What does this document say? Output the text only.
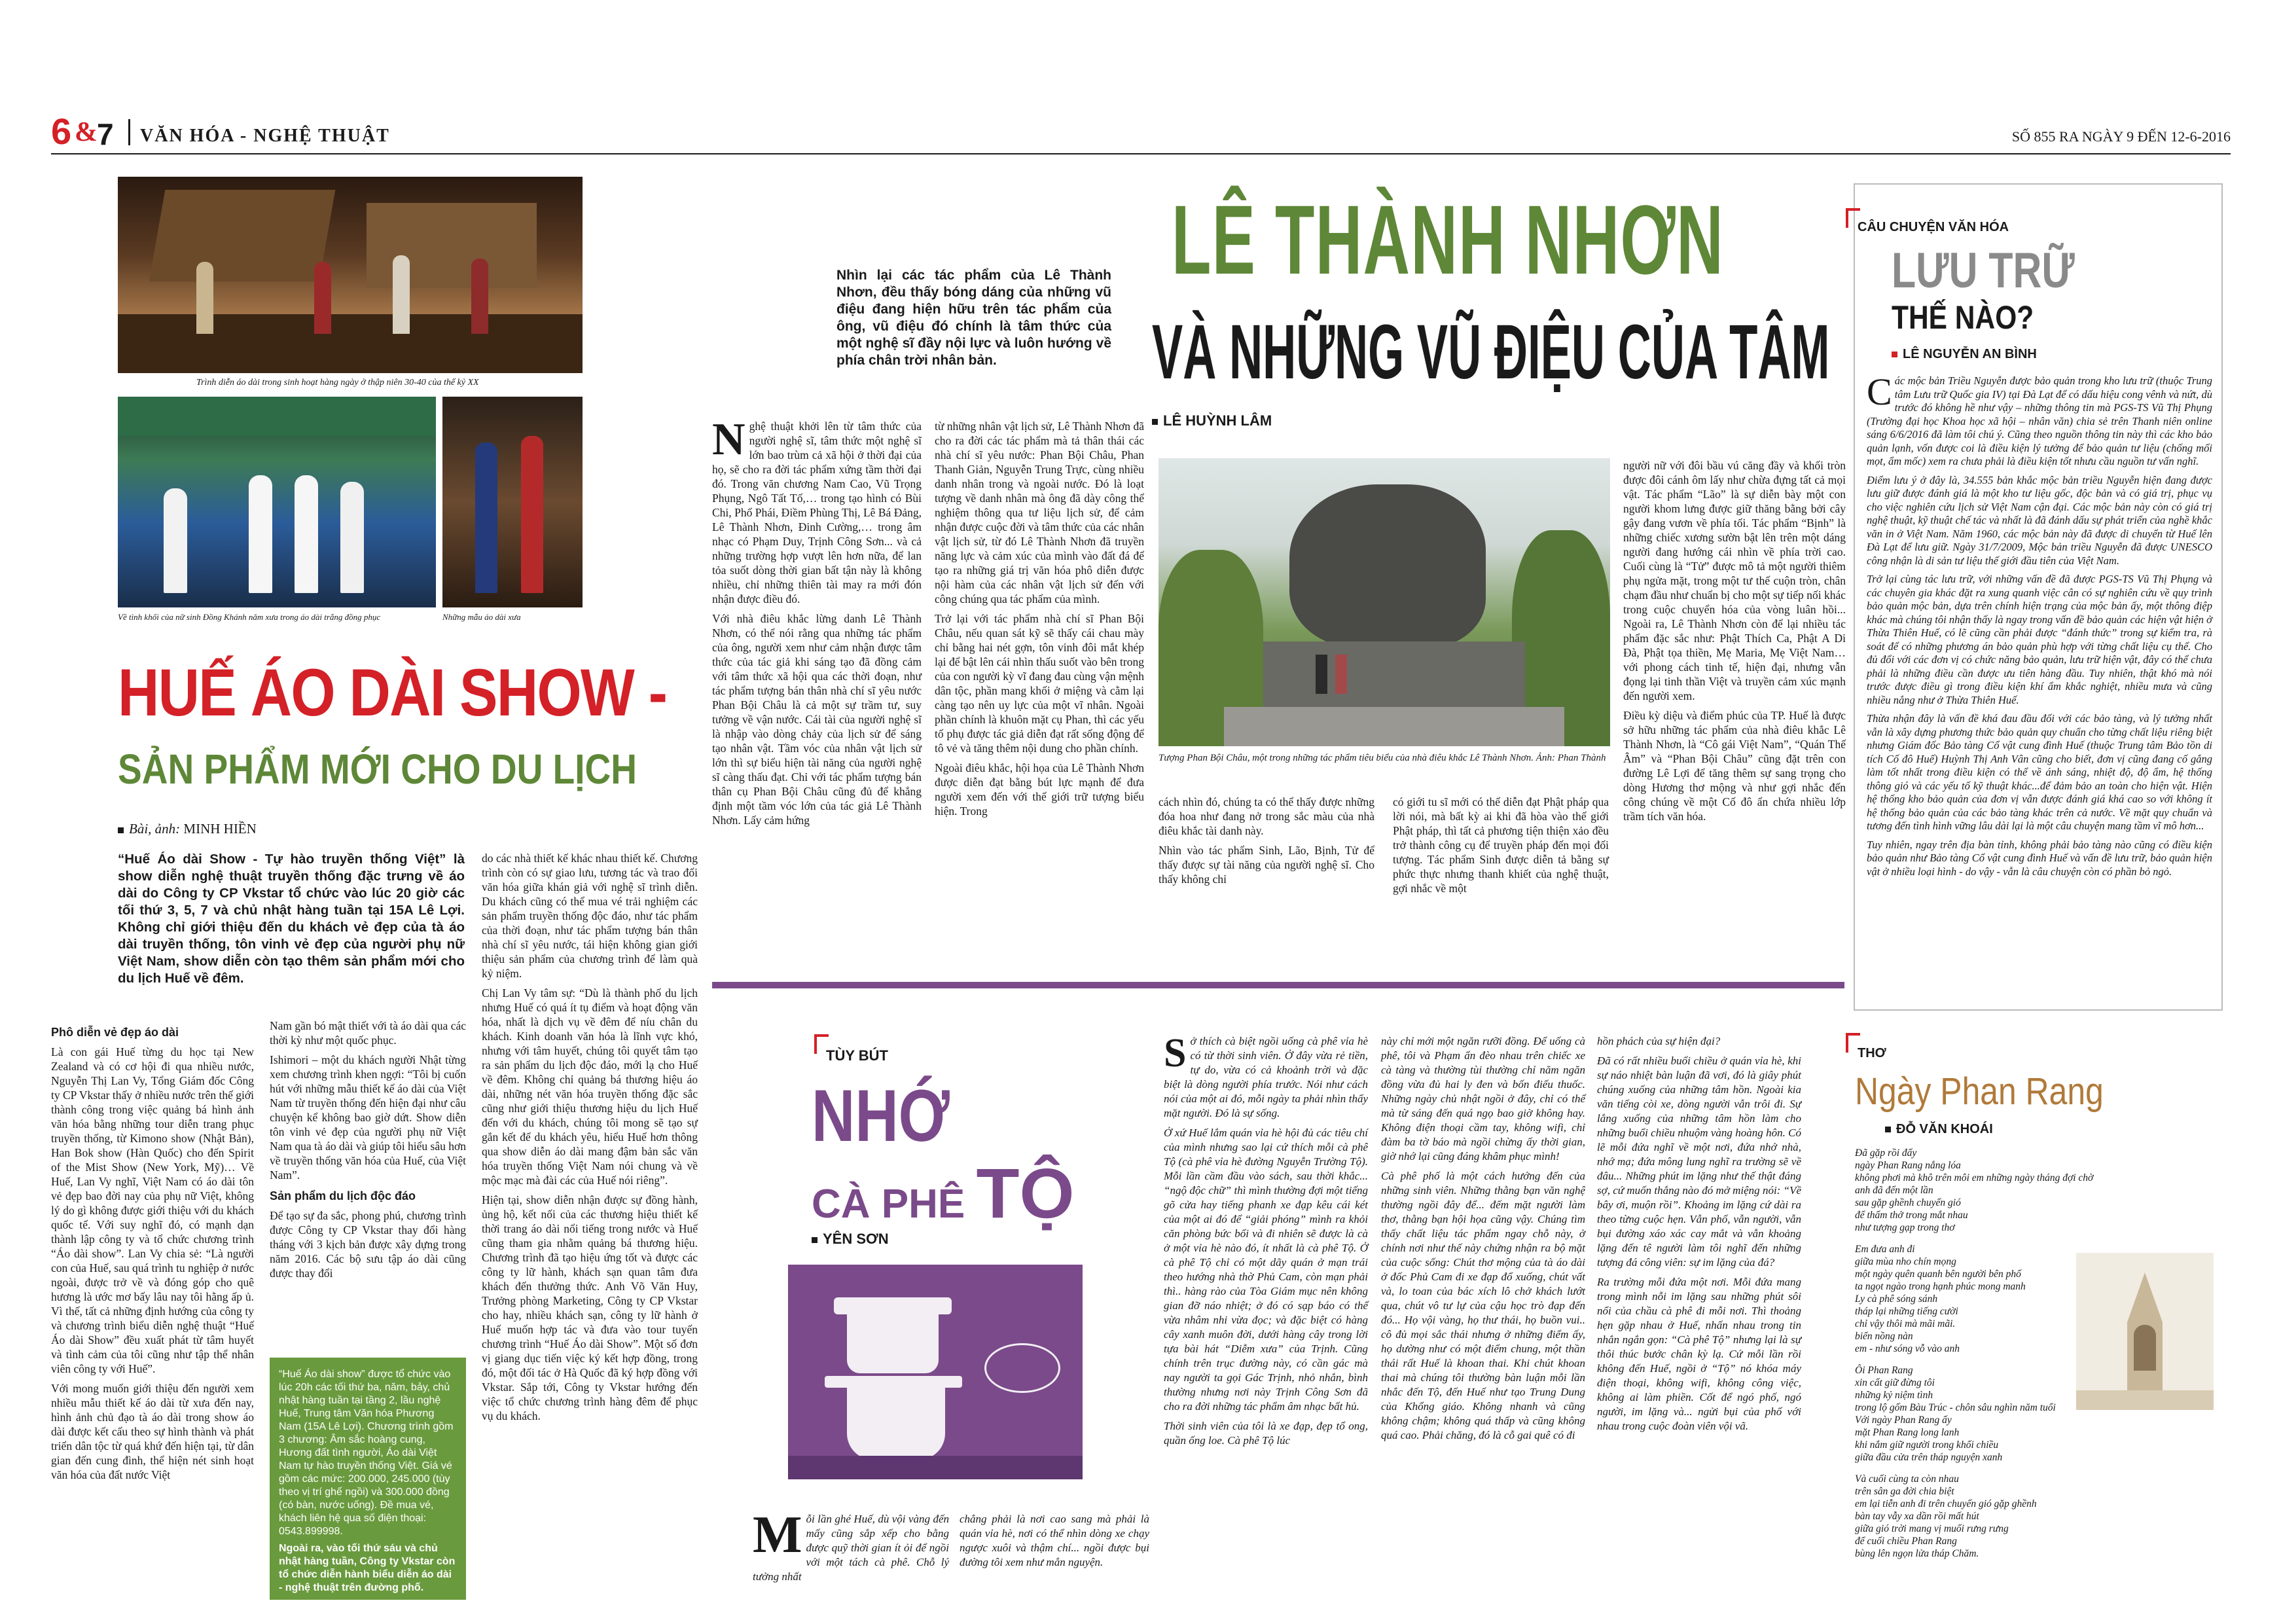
6 & 7 VĂN HÓA - NGHỆ THUẬT	SỐ 855 RA NGÀY 9 ĐẾN 12-6-2016
Trình diễn áo dài trong sinh hoạt hàng ngày ở thập niên 30-40 của thế kỷ XX
Về tình khối của nữ sinh Đồng Khánh năm xưa trong áo dài trắng đồng phục	Những mẫu áo dài xưa
HUẾ ÁO DÀI SHOW -
SẢN PHẨM MỚI CHO DU LỊCH
Bài, ảnh: MINH HIỀN
“Huế Áo dài Show - Tự hào truyền thống Việt” là show diễn nghệ thuật truyền thống đặc trưng về áo dài do Công ty CP Vkstar tổ chức vào lúc 20 giờ các tối thứ 3, 5, 7 và chủ nhật hàng tuần tại 15A Lê Lợi. Không chỉ giới thiệu đến du khách vẻ đẹp của tà áo dài truyền thống, tôn vinh vẻ đẹp của người phụ nữ Việt Nam, show diễn còn tạo thêm sản phẩm mới cho du lịch Huế về đêm.
Phô diễn vẻ đẹp áo dài

Là con gái Huế từng du học tại New Zealand và có cơ hội đi qua nhiều nước, Nguyễn Thị Lan Vy, Tổng Giám đốc Công ty CP Vkstar thấy ở nhiều nước trên thế giới thành công trong việc quảng bá hình ảnh văn hóa bằng những tour diễn trang phục truyền thống, từ Kimono show (Nhật Bản), Han Bok show (Hàn Quốc) cho đến Spirit of the Mist Show (New York, Mỹ)… Về Huế, Lan Vy nghĩ, Việt Nam có áo dài tôn vẻ đẹp bao đời nay của phụ nữ Việt, không lý do gì không được giới thiệu với du khách quốc tế. Với suy nghĩ đó, có mạnh dạn thành lập công ty và tổ chức chương trình “Áo dài show”. Lan Vy chia sẻ: “Là người con của Huế, sau quá trình tu nghiệp ở nước ngoài, được trở về và đóng góp cho quê hương là ước mơ bấy lâu nay tôi hằng ấp ủ. Vì thế, tất cả những định hướng của công ty và chương trình biểu diễn nghệ thuật “Huế Áo dài Show” đều xuất phát từ tâm huyết và tình cảm của tôi cũng như tập thể nhân viên công ty với Huế”.

Với mong muốn giới thiệu đến người xem nhiều mẫu thiết kế áo dài từ xưa đến nay, hình ảnh chủ đạo tà áo dài trong show áo dài được kết cấu theo sự hình thành và phát triển dân tộc từ quá khứ đến hiện tại, từ dân gian đến cung đình, thể hiện nét sinh hoạt văn hóa của đất nước Việt

Nam gần bó mật thiết với tà áo dài qua các thời kỳ như một quốc phục.

Ishimori – một du khách người Nhật từng xem chương trình khen ngợi: “Tôi bị cuốn hút với những mẫu thiết kế áo dài của Việt Nam từ truyền thống đến hiện đại như câu chuyện kể không bao giờ dứt. Show diễn tôn vinh vẻ đẹp của người phụ nữ Việt Nam qua tà áo dài và giúp tôi hiểu sâu hơn về truyền thống văn hóa của Huế, của Việt Nam”.

Sản phẩm du lịch độc đáo

Để tạo sự đa sắc, phong phú, chương trình được Công ty CP Vkstar thay đổi hàng tháng với 3 kịch bản được xây dựng trong năm 2016. Các bộ sưu tập áo dài cũng được thay đổi

“Huế Áo dài show” được tổ chức vào lúc 20h các tối thứ ba, năm, bảy, chủ nhật hàng tuần tại tầng 2, lầu nghệ Huế, Trung tâm Văn hóa Phương Nam (15A Lê Lợi). Chương trình gồm 3 chương: Âm sắc hoàng cung, Hương đất tình người, Áo dài Việt Nam tự hào truyền thống Việt. Giá vé gồm các mức: 200.000, 245.000 (tùy theo vị trí ghế ngồi) và 300.000 đồng (có bàn, nước uống). Đề mua vé, khách liên hệ qua số điện thoại: 0543.899998.
Ngoài ra, vào tối thứ sáu và chủ nhật hàng tuần, Công ty Vkstar còn tổ chức diễn hành biểu diễn áo dài - nghệ thuật trên đường phố.

do các nhà thiết kế khác nhau thiết kế. Chương trình còn có sự giao lưu, tương tác và trao đổi văn hóa giữa khán giả với nghệ sĩ trình diễn. Du khách cũng có thể mua vé trải nghiệm các sản phẩm truyền thống độc đáo, như tác phẩm của thời đoạn, như tác phẩm tượng bán thân nhà chí sĩ yêu nước, tái hiện không gian giới thiệu sản phẩm của chương trình để làm quà kỷ niệm.

Chị Lan Vy tâm sự: “Dù là thành phố du lịch nhưng Huế có quá ít tụ điểm và hoạt động văn hóa, nhất là dịch vụ về đêm để níu chân du khách. Kinh doanh văn hóa là lĩnh vực khó, nhưng với tâm huyết, chúng tôi quyết tâm tạo ra sản phẩm du lịch độc đáo, mới lạ cho Huế về đêm. Không chỉ quảng bá thương hiệu áo dài, những nét văn hóa truyền thống đặc sắc cũng như giới thiệu thương hiệu du lịch Huế đến với du khách, chúng tôi mong sẽ tạo sự gắn kết để du khách yêu, hiểu Huế hơn thông qua show diễn áo dài mang đậm bản sắc văn hóa truyền thống Việt Nam nói chung và về mộc mạc mà đài các của Huế nói riêng”.

Hiện tại, show diễn nhận được sự đồng hành, ủng hộ, kết nối của các thương hiệu thiết kế thời trang áo dài nổi tiếng trong nước và Huế cũng tham gia nhằm quảng bá thương hiệu. Chương trình đã tạo hiệu ứng tốt và được các công ty lữ hành, khách sạn quan tâm đưa khách đến thưởng thức. Anh Võ Văn Huy, Trưởng phòng Marketing, Công ty CP Vkstar cho hay, nhiều khách sạn, công ty lữ hành ở Huế muốn hợp tác và đưa vào tour tuyến chương trình “Huế Áo dài Show”. Một số đơn vị giang dục tiến việc ký kết hợp đồng, trong đó, một đối tác ở Hà Quốc đã ký hợp đồng với Vkstar. Sắp tới, Công ty Vkstar hướng đến việc tổ chức chương trình hàng đêm để phục vụ du khách.

Nhìn lại các tác phẩm của Lê Thành Nhơn, đều thấy bóng dáng của những vũ điệu đang hiện hữu trên tác phẩm của ông, vũ điệu đó chính là tâm thức của một nghệ sĩ đầy nội lực và luôn hướng về phía chân trời nhân bản.
LÊ THÀNH NHƠN
VÀ NHỮNG VŨ ĐIỆU CỦA TÂM
LÊ HUỲNH LÂM

Nghệ thuật khởi lên từ tâm thức của người nghệ sĩ, tâm thức một nghệ sĩ lớn bao trùm cả xã hội ở thời đại của họ, sẽ cho ra đời tác phẩm xứng tầm thời đại đó. Trong văn chương Nam Cao, Vũ Trọng Phụng, Ngô Tất Tố,… trong tạo hình có Bùi Chi, Phố Phái, Điềm Phùng Thị, Lê Bá Đảng, Lê Thành Nhơn, Đinh Cường,… trong âm nhạc có Phạm Duy, Trịnh Công Sơn... và cả những trường hợp vượt lên hơn nữa, để lan tỏa suốt dòng thời gian bất tận này là không nhiều, chỉ những thiên tài may ra mới đón nhận được điều đó.

Với nhà điêu khắc lừng danh Lê Thành Nhơn, có thể nói rằng qua những tác phẩm của ông, người xem như cảm nhận được tâm thức của tác giả khi sáng tạo đã đồng cảm với tâm thức xã hội qua các thời đoạn, như tác phẩm tượng bán thân nhà chí sĩ yêu nước Phan Bội Châu là cả một sự trầm tư, suy tưởng về vận nước. Cái tài của người nghệ sĩ là nhập vào dòng chảy của lịch sử để sáng tạo nhân vật. Tầm vóc của nhân vật lịch sử lớn thì sự biểu hiện tài năng của người nghệ sĩ càng thấu đạt. Chỉ với tác phẩm tượng bán thân cụ Phan Bội Châu cũng đủ để khẳng định một tầm vóc lớn của tác giả Lê Thành Nhơn. Lấy cảm hứng

từ những nhân vật lịch sử, Lê Thành Nhơn đã cho ra đời các tác phẩm mà tả thân thái các nhà chí sĩ yêu nước: Phan Bội Châu, Phan Thanh Giản, Nguyễn Trung Trực, cùng nhiều danh nhân trong và ngoài nước. Đó là loạt tượng về danh nhân mà ông đã dày công thể nghiệm thông qua tư liệu lịch sử, để cảm nhận được cuộc đời và tâm thức của các nhân vật lịch sử, từ đó Lê Thành Nhơn đã truyền năng lực và cảm xúc của mình vào đất đá để tạo ra những giá trị văn hóa phô diễn được nội hàm của các nhân vật lịch sử đến với công chúng qua tác phẩm của mình.

Trở lại với tác phẩm nhà chí sĩ Phan Bội Châu, nếu quan sát kỹ sẽ thấy cái chau mày chỉ bằng hai nét gợn, tôn vinh đôi mắt khép lại để bật lên cái nhìn thấu suốt vào bên trong của con người kỳ vĩ đang đau cùng vận mệnh dân tộc, phần mang khối ở miệng và cằm lại càng tạo nên uy lực của một vĩ nhân. Ngoài phần chính là khuôn mặt cụ Phan, thì các yếu tố phụ được tác giả diễn đạt rất sống động để tô vẻ và tăng thêm nội dung cho phần chính.

Ngoài điêu khắc, hội họa của Lê Thành Nhơn được diễn đạt bằng bút lực mạnh để đưa người xem đến với thế giới trữ tượng biểu hiện. Trong

Tượng Phan Bội Châu, một trong những tác phẩm tiêu biểu của nhà điêu khắc Lê Thành Nhơn. Ảnh: Phan Thành

cách nhìn đó, chúng ta có thể thấy được những đóa hoa như đang nở trong sắc màu của nhà điêu khắc tài danh này.

Nhìn vào tác phẩm Sinh, Lão, Bịnh, Tử để thấy được sự tài năng của người nghệ sĩ. Cho thấy không chỉ

có giới tu sĩ mới có thể diễn đạt Phật pháp qua lời nói, mà bất kỳ ai khi đã hòa vào thế giới Phật pháp, thì tất cả phương tiện thiện xảo đều trở thành công cụ để truyền pháp đến mọi đối tượng. Tác phẩm Sinh được diễn tả bằng sự phức thực nhưng thanh khiết của nghệ thuật, gợi nhắc về một

người nữ với đôi bầu vú căng đầy và khối tròn được đôi cánh ôm lấy như chừa đựng tất cả mọi vật. Tác phẩm “Lão” là sự diễn bày một con người khom lưng được giữ thăng bằng bởi cây gậy đang vươn về phía tối. Tác phẩm “Bịnh” là những chiếc xương sườn bật lên trên một dáng người đang hướng cái nhìn về phía trời cao. Cuối cùng là “Tử” được mô tả một người thiêm phụ ngửa mặt, trong một tư thế cuộn tròn, chân chạm đầu như chuẩn bị cho một sự tiếp nối khác trong cuộc chuyển hóa của vòng luân hồi... Ngoài ra, Lê Thành Nhơn còn để lại nhiều tác phẩm đặc sắc như: Phật Thích Ca, Phật A Di Đà, Phật tọa thiền, Mẹ Maria, Mẹ Việt Nam… với phong cách tinh tế, hiện đại, nhưng vẫn đọng lại tinh thần Việt và truyền cảm xúc mạnh đến người xem.

Điều kỳ diệu và điểm phúc của TP. Huế là được sở hữu những tác phẩm của nhà điêu khắc Lê Thành Nhơn, là “Cô gái Việt Nam”, “Quán Thế Âm” và “Phan Bội Châu” cũng đặt trên con đường Lê Lợi để tăng thêm sự sang trọng cho dòng Hương thơ mộng và như gợi nhắc đến công chúng về một Cố đô ẩn chứa nhiều lớp trầm tích văn hóa.

TÙY BÚT
NHỚ
CÀ PHÊ TỘ
YÊN SƠN

Mỗi lần ghé Huế, dù vội vàng đến mấy cũng sắp xếp cho bằng được quỹ thời gian ít ỏi để ngồi với một tách cà phê. Chỗ lý tưởng nhất

chẳng phải là nơi cao sang mà phải là quán vỉa hè, nơi có thể nhìn dòng xe chạy ngược xuôi và thậm chí... ngồi được bụi đường tôi xem như mắn nguyện.

Sở thích cà biệt ngồi uống cà phê vỉa hè có từ thời sinh viên. Ở đây vừa rẻ tiền, tự do, vừa có cả khoảnh trời và đặc biệt là dòng người phía trước. Nói như cách nói của một ai đó, mỗi ngày ta phải nhìn thấy mặt người. Đó là sự sống.

Ở xứ Huế lắm quán vỉa hè hội đủ các tiêu chí của mình nhưng sao lại cứ thích mỗi cà phê Tộ (cà phê vỉa hè đường Nguyễn Trường Tộ). Mỗi lần cầm đầu vào sách, sau thời khắc... “ngộ độc chữ” thì mình thường đợi một tiếng gõ cửa hay tiếng phanh xe đạp kêu cái két của một ai đó để “giải phóng” mình ra khỏi căn phòng bức bối và đi nhiên sẽ được là cà ở một vỉa hè nào đó, ít nhất là cà phê Tộ. Ở cà phê Tộ chỉ có một dãy quán ở mạn trái theo hướng nhà thờ Phủ Cam, còn mạn phải thì.. hàng rào của Tòa Giám mục nên không gian đỡ náo nhiệt; ở đó có sạp báo có thể vừa nhâm nhi vừa đọc; và đặc biệt có hàng cây xanh muôn đời, dưới hàng cây trong lời tựa bài hát “Diễm xưa” của Trịnh. Cũng chính trên trục đường này, có cần gác mà nay người ta gọi Gác Trịnh, nhỏ nhắn, bình thường nhưng nơi này Trịnh Công Sơn đã cho ra đời những tác phẩm âm nhạc bất hủ.

Thời sinh viên của tôi là xe đạp, đẹp tổ ong, quần ống loe. Cà phê Tộ lúc

này chỉ mới một ngăn rưỡi đồng. Để uống cà phê, tôi và Phạm ẩn đèo nhau trên chiếc xe cà tàng và thường tùi thường chỉ năm ngăn đồng vừa đủ hai ly đen và bốn điếu thuốc. Những ngày chủ nhật ngồi ở đây, chỉ có thể mà từ sáng đến quá ngọ bao giờ không hay. Không điện thoại cầm tay, không wifi, chỉ đàm ba tờ báo mà ngồi chừng ấy thời gian, giờ nhớ lại cũng đáng khâm phục mình!

Cà phê phố là một cách hướng đến của những sinh viên. Những thằng bạn văn nghệ thường ngồi đây để... đếm mặt người làm thơ, thằng bạn hội họa cũng vậy. Chúng tìm thấy chất liệu tác phẩm ngay chỗ này, ở chính nơi như thế này chứng nhận ra bộ mặt của cuộc sống: Chút thơ mộng của tà áo dài ở đốc Phủ Cam đi xe đạp đổ xuống, chút vất và, lo toan của bác xích lô chở khách lướt qua, chút vô tư lự của cậu học trò đạp đến đó... Họ vội vàng, họ thư thái, họ buồn vui.. cô đủ mọi sắc thái nhưng ở những điểm ấy, họ dường như có một điểm chung, một thần thái rất Huế là khoan thai. Khi chút khoan thai mà chúng tôi thường bàn luận mỗi lần nhắc đến Tộ, đến Huế như tạo Trung Dung của Khổng giáo. Không nhanh và cũng không chậm; không quá thấp và cũng không quá cao. Phải chăng, đó là cỗ gai quê có đi

hồn phách của sự hiện đại?

Đã có rất nhiều buổi chiều ở quán vỉa hè, khi sự náo nhiệt bàn luận đã vơi, đó là giây phút chúng xuống của những tâm hồn. Ngoài kia văn tiếng còi xe, dòng người vẫn trôi đi. Sự lắng xuống của những tâm hồn làm cho những buổi chiều nhuộm vàng hoàng hôn. Có lẽ mỗi đứa nghĩ về một nơi, đứa nhớ nhà, nhớ mạ; đứa mông lung nghĩ ra trường sẽ về đâu... Những phút im lặng như thế thật đáng sợ, cứ muốn thắng nào đó mở miệng nói: “Về bây ơi, muộn rồi”. Khoảng im lặng cứ dài ra theo từng cuộc hẹn. Vẫn phố, vẫn người, vẫn bụi đường xáo xác cay mắt và vẫn khoảng lặng đến tê người làm tôi nghĩ đến những tượng đá công viên: sự im lặng của đá?

Ra trường mỗi đứa một nơi. Mỗi đứa mang trong mình nỗi im lặng sau những phút sôi nổi của chầu cà phê đi mỗi nơi. Thì thoảng hẹn gặp nhau ở Huế, nhấn nhau trong tin nhắn ngắn gọn: “Cà phê Tộ” nhưng lại là sự thôi thúc bước chân kỳ lạ. Cứ mỗi lần rồi không đến Huế, ngồi ở “Tộ” nó khóa máy điện thoại, không wifi, không công việc, không ai làm phiền. Cốt để ngó phố, ngó người, im lặng và... ngửi bụi của phố với nhau trong cuộc đoàn viên vội vã.

CÂU CHUYỆN VĂN HÓA
LƯU TRỮ
THẾ NÀO?
LÊ NGUYỄN AN BÌNH

Các mộc bản Triều Nguyễn được bảo quản trong kho lưu trữ (thuộc Trung tâm Lưu trữ Quốc gia IV) tại Đà Lạt để có dấu hiệu cong vênh và nứt, dù trước đó không hề như vậy – những thông tin mà PGS-TS Vũ Thị Phụng (Trường đại học Khoa học xã hội – nhân văn) chia sẻ trên Thanh niên online sáng 6/6/2016 đã làm tôi chú ý. Cũng theo nguồn thông tin này thì các kho bảo quản lạnh, vốn được coi là điều kiện lý tưởng để bảo quản tư liệu (chống mối mọt, ẩm mốc) xem ra chưa phải là điều kiện tốt nhưu cầu nguồn tư vấn nghĩ.

Điểm lưu ý ở đây là, 34.555 bản khắc mộc bản triều Nguyễn hiện đang được lưu giữ được đánh giá là một kho tư liệu gốc, độc bản và có giá trị, phục vụ cho việc nghiên cứu lịch sử Việt Nam cận đại. Các mộc bản này còn có giá trị nghệ thuật, kỹ thuật chế tác và nhất là đã đánh dấu sự phát triển của nghề khắc văn in ở Việt Nam. Năm 1960, các mộc bản này đã được di chuyển từ Huế lên Đà Lạt để lưu giữ. Ngày 31/7/2009, Mộc bản triều Nguyễn đã được UNESCO công nhận là di sản tư liệu thế giới đầu tiên của Việt Nam.

Trở lại cùng tác lưu trữ, với những vấn đề đã được PGS-TS Vũ Thị Phụng và các chuyên gia khác đặt ra xung quanh việc cân có sự nghiên cứu về quy trình bảo quản mộc bản, dựa trên chính hiện trạng của mộc bản ấy, một thông điệp khác mà chúng tôi nhận thấy là ngay trong vấn đề bảo quản các hiện vật hiện ở Thừa Thiên Huế, có lẽ cũng cần phải được “đánh thức” trong sự kiểm tra, rà soát để có những phương án bảo quản phù hợp với từng chất liệu cụ thể. Cho đủ đổi với các đơn vị có chức năng bảo quản, lưu trữ hiện vật, đây có thể chưa phải là những điều cần được ưu tiên hàng đầu. Tuy nhiên, thật khó mà nói trước được điều gì trong điều kiện khí ẩm khắc nghiệt, nhiều mưa và cũng nhiều nắng như ở Thừa Thiên Huế.

Thừa nhận đây là vấn đề khá đau đầu đối với các bảo tàng, và lý tưởng nhất vẫn là xây dựng phương thức bảo quản quy chuẩn cho từng chất liệu riêng biệt nhưng Giám đốc Bảo tàng Cổ vật cung đình Huế (thuộc Trung tâm Bảo tồn di tích Cố đô Huế) Huỳnh Thị Anh Vân cũng cho biết, đơn vị cũng đang cố gắng làm tốt nhất trong điều kiện có thể về ánh sáng, nhiệt độ, độ ẩm, hệ thống thông gió và các yếu tố kỹ thuật khác...để đảm bảo an toàn cho hiện vật. Hiện hệ thống kho bảo quản của đơn vị vẫn được đánh giá khá cao so với không ít hệ thống bảo quản của các bảo tàng khác trên cả nước. Về mặt quy chuẩn và tương đến tình hình vững lâu dài lại là một câu chuyện mang tầm vĩ mô hơn...

Tuy nhiên, ngay trên địa bàn tỉnh, không phải bảo tàng nào cũng có điều kiện bảo quản như Bảo tàng Cổ vật cung đình Huế và vấn đề lưu trữ, bảo quản hiện vật ở nhiều loại hình - do vậy - vẫn là câu chuyện còn có phần bỏ ngỏ.

THƠ
Ngày Phan Rang
ĐỖ VĂN KHOÁI
Đã gặp rồi đấy
ngày Phan Rang nắng lóa
không phơi mà khô trên môi em những ngày tháng đợi chờ
anh đã đến một lần
sau gặp ghềnh chuyến gió
để thấm thở trong mắt nhau
như tượng gạp trong thơ
Em đưa anh đi
giữa mùa nho chín mọng
một ngày quên quanh bên người bên phố
ta ngọt ngào trong hạnh phúc mong manh
Ly cà phê sóng sánh
tháp lại những tiếng cười
chỉ vậy thôi mà mãi mãi.
biển nồng nàn
em - như sóng vỗ vào anh
Ôi Phan Rang
xin cất giữ đừng tôi
những kỷ niệm tình
trong lộ gốm Bàu Trúc - chôn sâu nghìn năm tuổi
Với ngày Phan Rang ấy
mặt Phan Rang long lanh
khi nắm giữ người trong khối chiều
giữa đầu cửa trên tháp nguyện xanh
Và cuối cùng ta còn nhau
trên sân ga đời chia biệt
em lại tiễn anh đi trên chuyến gió gặp ghềnh
bàn tay vẫy xa dần rồi mất hút
giữa gió trời mang vị muối rưng rưng
để cuối chiều Phan Rang
bùng lên ngọn lửa tháp Chăm.
